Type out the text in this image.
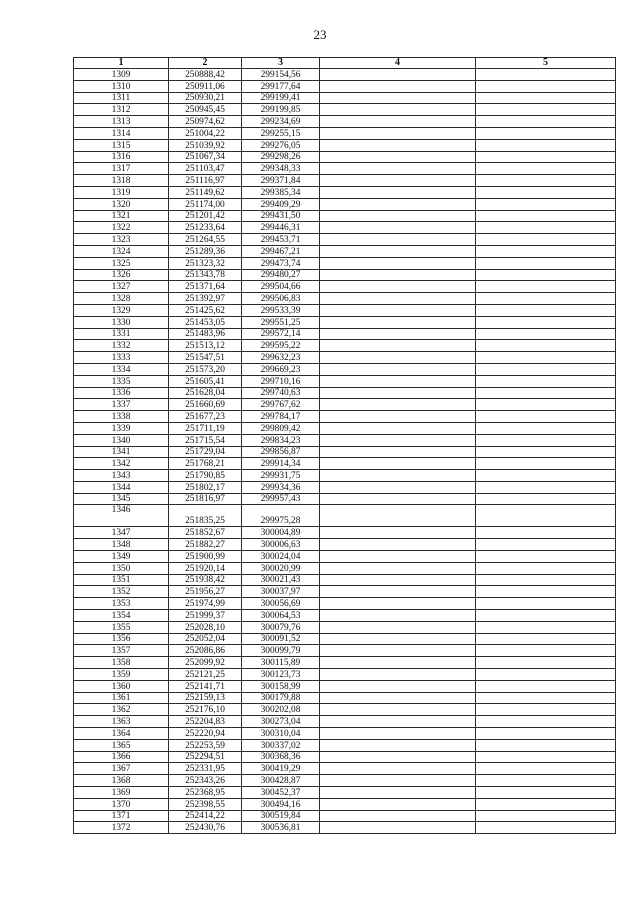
23
1	2	3	4	5
1309	250888,42	299154,56		
1310	250911,06	299177,64		
1311	250930,21	299199,41		
1312	250945,45	299199,85		
1313	250974,62	299234,69		
1314	251004,22	299255,15		
1315	251039,92	299276,05		
1316	251067,34	299298,26		
1317	251103,47	299348,33		
1318	251116,97	299371,84		
1319	251149,62	299385,34		
1320	251174,00	299409,29		
1321	251201,42	299431,50		
1322	251233,64	299446,31		
1323	251264,55	299453,71		
1324	251289,36	299467,21		
1325	251323,32	299473,74		
1326	251343,78	299480,27		
1327	251371,64	299504,66		
1328	251392,97	299506,83		
1329	251425,62	299533,39		
1330	251453,05	299551,25		
1331	251483,96	299572,14		
1332	251513,12	299595,22		
1333	251547,51	299632,23		
1334	251573,20	299669,23		
1335	251605,41	299710,16		
1336	251628,04	299740,63		
1337	251660,69	299767,62		
1338	251677,23	299784,17		
1339	251711,19	299809,42		
1340	251715,54	299834,23		
1341	251729,04	299856,87		
1342	251768,21	299914,34		
1343	251790,85	299931,75		
1344	251802,17	299934,36		
1345	251816,97	299957,43		
1346	251835,25	299975,28		
1347	251852,67	300004,89		
1348	251882,27	300006,63		
1349	251900,99	300024,04		
1350	251920,14	300020,99		
1351	251938,42	300021,43		
1352	251956,27	300037,97		
1353	251974,99	300056,69		
1354	251999,37	300064,53		
1355	252028,10	300079,76		
1356	252052,04	300091,52		
1357	252086,86	300099,79		
1358	252099,92	300115,89		
1359	252121,25	300123,73		
1360	252141,71	300158,99		
1361	252159,13	300179,88		
1362	252176,10	300202,08		
1363	252204,83	300273,04		
1364	252220,94	300310,04		
1365	252253,59	300337,02		
1366	252294,51	300368,36		
1367	252331,95	300419,29		
1368	252343,26	300428,87		
1369	252368,95	300452,37		
1370	252398,55	300494,16		
1371	252414,22	300519,84		
1372	252430,76	300536,81		
